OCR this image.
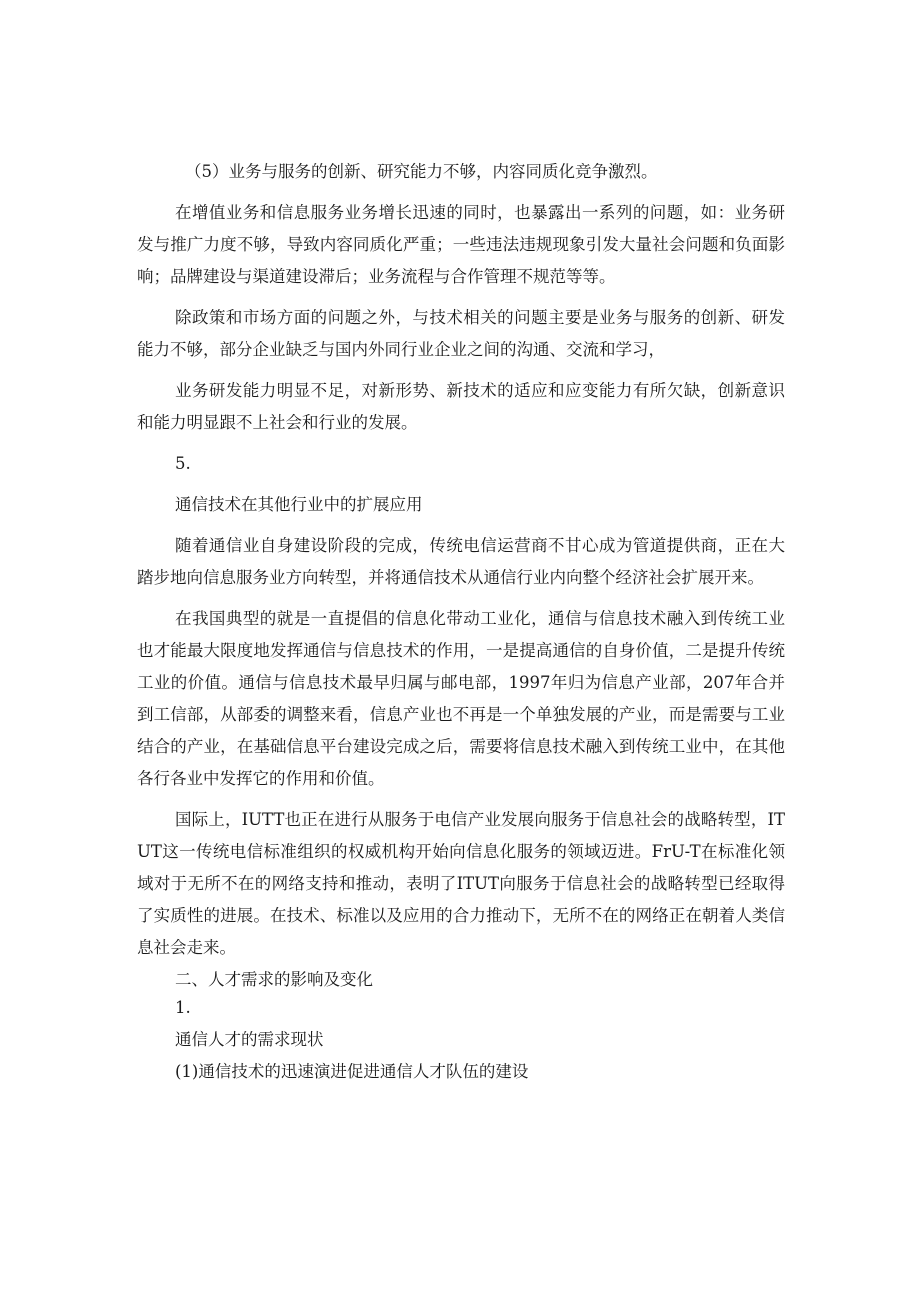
（5）业务与服务的创新、研究能力不够，内容同质化竞争激烈。

在增值业务和信息服务业务增长迅速的同时，也暴露出一系列的问题，如：业务研发与推广力度不够，导致内容同质化严重；一些违法违规现象引发大量社会问题和负面影响；品牌建设与渠道建设滞后；业务流程与合作管理不规范等等。

除政策和市场方面的问题之外，与技术相关的问题主要是业务与服务的创新、研发能力不够，部分企业缺乏与国内外同行业企业之间的沟通、交流和学习，

业务研发能力明显不足，对新形势、新技术的适应和应变能力有所欠缺，创新意识和能力明显跟不上社会和行业的发展。

5.

通信技术在其他行业中的扩展应用

随着通信业自身建设阶段的完成，传统电信运营商不甘心成为管道提供商，正在大踏步地向信息服务业方向转型，并将通信技术从通信行业内向整个经济社会扩展开来。

在我国典型的就是一直提倡的信息化带动工业化，通信与信息技术融入到传统工业也才能最大限度地发挥通信与信息技术的作用，一是提高通信的自身价值，二是提升传统工业的价值。通信与信息技术最早归属与邮电部，1997年归为信息产业部，207年合并到工信部，从部委的调整来看，信息产业也不再是一个单独发展的产业，而是需要与工业结合的产业，在基础信息平台建设完成之后，需要将信息技术融入到传统工业中，在其他各行各业中发挥它的作用和价值。

国际上，IUTT也正在进行从服务于电信产业发展向服务于信息社会的战略转型，ITUT这一传统电信标准组织的权威机构开始向信息化服务的领域迈进。FrU-T在标准化领域对于无所不在的网络支持和推动，表明了ITUT向服务于信息社会的战略转型已经取得了实质性的进展。在技术、标准以及应用的合力推动下，无所不在的网络正在朝着人类信息社会走来。

二、人才需求的影响及变化

1.

通信人才的需求现状

(1)通信技术的迅速演进促进通信人才队伍的建设
